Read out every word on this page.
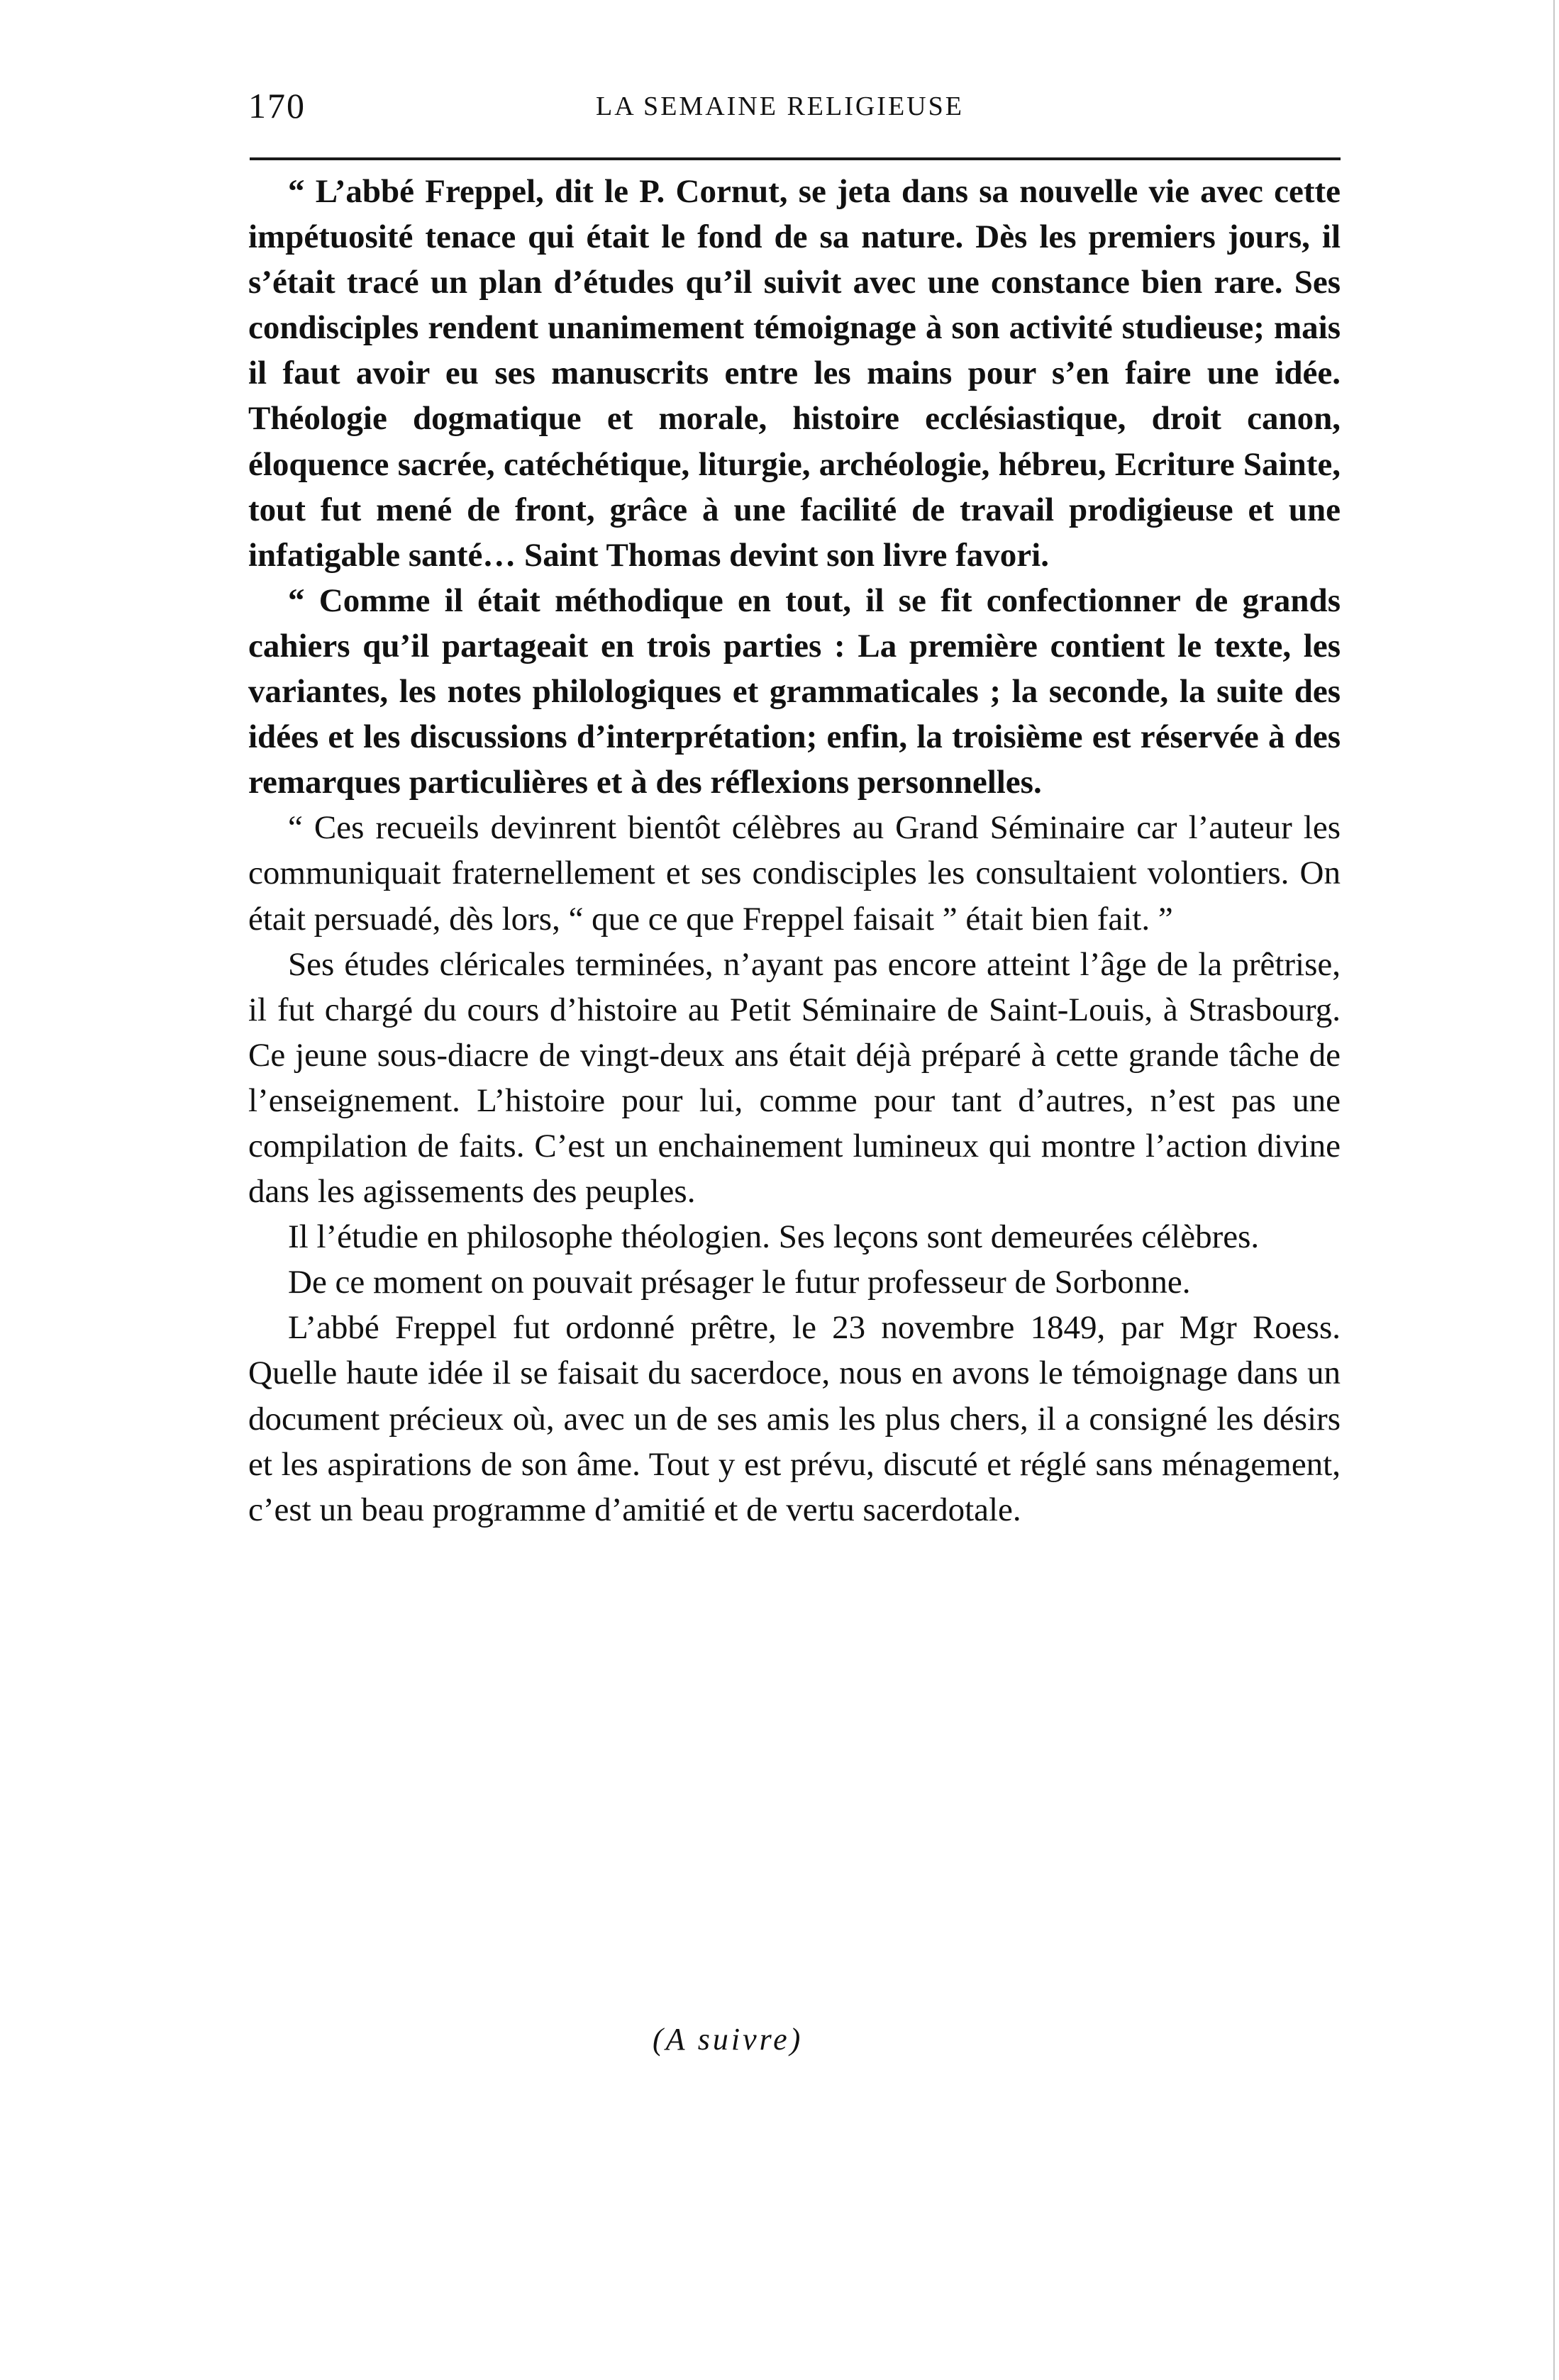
170	LA SEMAINE RELIGIEUSE

“ L’abbé Freppel, dit le P. Cornut, se jeta dans sa nouvelle vie avec cette impétuosité tenace qui était le fond de sa nature. Dès les premiers jours, il s’était tracé un plan d’études qu’il suivit avec une constance bien rare. Ses condisciples rendent unanimement témoignage à son activité studieuse; mais il faut avoir eu ses manuscrits entre les mains pour s’en faire une idée. Théologie dogmatique et morale, histoire ecclésiastique, droit canon, éloquence sacrée, catéchétique, liturgie, archéologie, hébreu, Ecriture Sainte, tout fut mené de front, grâce à une facilité de travail prodigieuse et une infatigable santé… Saint Thomas devint son livre favori.

“ Comme il était méthodique en tout, il se fit confectionner de grands cahiers qu’il partageait en trois parties : La première contient le texte, les variantes, les notes philologiques et grammaticales ; la seconde, la suite des idées et les discussions d’interprétation; enfin, la troisième est réservée à des remarques particulières et à des réflexions personnelles.

“ Ces recueils devinrent bientôt célèbres au Grand Séminaire car l’auteur les communiquait fraternellement et ses condisciples les consultaient volontiers. On était persuadé, dès lors, “ que ce que Freppel faisait ” était bien fait. ”

Ses études cléricales terminées, n’ayant pas encore atteint l’âge de la prêtrise, il fut chargé du cours d’histoire au Petit Séminaire de Saint-Louis, à Strasbourg. Ce jeune sous-diacre de vingt-deux ans était déjà préparé à cette grande tâche de l’enseignement. L’histoire pour lui, comme pour tant d’autres, n’est pas une compilation de faits. C’est un enchainement lumineux qui montre l’action divine dans les agissements des peuples.

Il l’étudie en philosophe théologien. Ses leçons sont demeurées célèbres.

De ce moment on pouvait présager le futur professeur de Sorbonne.

L’abbé Freppel fut ordonné prêtre, le 23 novembre 1849, par Mgr Roess. Quelle haute idée il se faisait du sacerdoce, nous en avons le témoignage dans un document précieux où, avec un de ses amis les plus chers, il a consigné les désirs et les aspirations de son âme. Tout y est prévu, discuté et réglé sans ménagement, c’est un beau programme d’amitié et de vertu sacerdotale.

(A suivre)
